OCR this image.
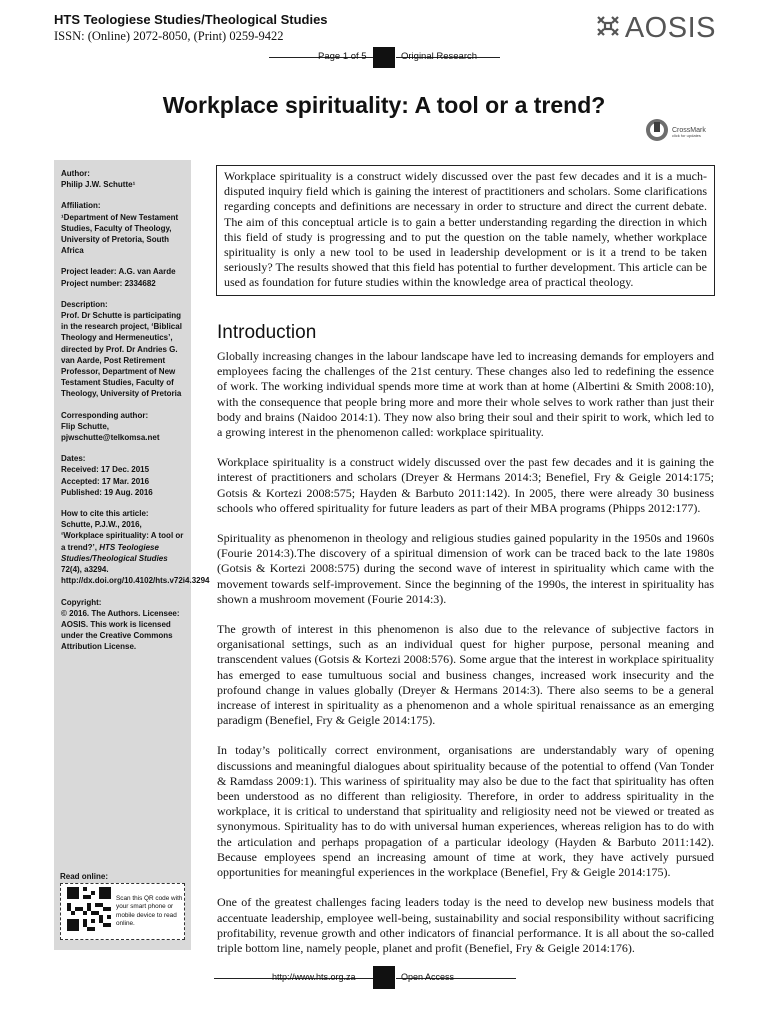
HTS Teologiese Studies/Theological Studies
ISSN: (Online) 2072-8050, (Print) 0259-9422	AOSIS
Page 1 of 5	Original Research
Workplace spirituality: A tool or a trend?
CrossMark
click for updates
Author:
Philip J.W. Schutte¹
Affiliation:
¹Department of New Testament Studies, Faculty of Theology, University of Pretoria, South Africa
Project leader: A.G. van Aarde
Project number: 2334682
Description:
Prof. Dr Schutte is participating in the research project, ‘Biblical Theology and Hermeneutics’, directed by Prof. Dr Andries G. van Aarde, Post Retirement Professor, Department of New Testament Studies, Faculty of Theology, University of Pretoria
Corresponding author:
Flip Schutte,
pjwschutte@telkomsa.net
Dates:
Received: 17 Dec. 2015
Accepted: 17 Mar. 2016
Published: 19 Aug. 2016
How to cite this article:
Schutte, P.J.W., 2016, ‘Workplace spirituality: A tool or a trend?’, HTS Teologiese Studies/Theological Studies 72(4), a3294. http://dx.doi.org/10.4102/hts.v72i4.3294
Copyright:
© 2016. The Authors. Licensee: AOSIS. This work is licensed under the Creative Commons Attribution License.
Read online:
Scan this QR code with your smart phone or mobile device to read online.
Workplace spirituality is a construct widely discussed over the past few decades and it is a much-disputed inquiry field which is gaining the interest of practitioners and scholars. Some clarifications regarding concepts and definitions are necessary in order to structure and direct the current debate. The aim of this conceptual article is to gain a better understanding regarding the direction in which this field of study is progressing and to put the question on the table namely, whether workplace spirituality is only a new tool to be used in leadership development or is it a trend to be taken seriously? The results showed that this field has potential to further development. This article can be used as foundation for future studies within the knowledge area of practical theology.
Introduction

Globally increasing changes in the labour landscape have led to increasing demands for employers and employees facing the challenges of the 21st century. These changes also led to redefining the essence of work. The working individual spends more time at work than at home (Albertini & Smith 2008:10), with the consequence that people bring more and more their whole selves to work rather than just their body and brains (Naidoo 2014:1). They now also bring their soul and their spirit to work, which led to a growing interest in the phenomenon called: workplace spirituality.

Workplace spirituality is a construct widely discussed over the past few decades and it is gaining the interest of practitioners and scholars (Dreyer & Hermans 2014:3; Benefiel, Fry & Geigle 2014:175; Gotsis & Kortezi 2008:575; Hayden & Barbuto 2011:142). In 2005, there were already 30 business schools who offered spirituality for future leaders as part of their MBA programs (Phipps 2012:177).

Spirituality as phenomenon in theology and religious studies gained popularity in the 1950s and 1960s (Fourie 2014:3).The discovery of a spiritual dimension of work can be traced back to the late 1980s (Gotsis & Kortezi 2008:575) during the second wave of interest in spirituality which came with the movement towards self-improvement. Since the beginning of the 1990s, the interest in spirituality has shown a mushroom movement (Fourie 2014:3).

The growth of interest in this phenomenon is also due to the relevance of subjective factors in organisational settings, such as an individual quest for higher purpose, personal meaning and transcendent values (Gotsis & Kortezi 2008:576). Some argue that the interest in workplace spirituality has emerged to ease tumultuous social and business changes, increased work insecurity and the profound change in values globally (Dreyer & Hermans 2014:3). There also seems to be a general increase of interest in spirituality as a phenomenon and a whole spiritual renaissance as an emerging paradigm (Benefiel, Fry & Geigle 2014:175).

In today’s politically correct environment, organisations are understandably wary of opening discussions and meaningful dialogues about spirituality because of the potential to offend (Van Tonder & Ramdass 2009:1). This wariness of spirituality may also be due to the fact that spirituality has often been understood as no different than religiosity. Therefore, in order to address spirituality in the workplace, it is critical to understand that spirituality and religiosity need not be viewed or treated as synonymous. Spirituality has to do with universal human experiences, whereas religion has to do with the articulation and perhaps propagation of a particular ideology (Hayden & Barbuto 2011:142). Because employees spend an increasing amount of time at work, they have actively pursued opportunities for meaningful experiences in the workplace (Benefiel, Fry & Geigle 2014:175).

One of the greatest challenges facing leaders today is the need to develop new business models that accentuate leadership, employee well-being, sustainability and social responsibility without sacrificing profitability, revenue growth and other indicators of financial performance. It is all about the so-called triple bottom line, namely people, planet and profit (Benefiel, Fry & Geigle 2014:176).

http://www.hts.org.za	Open Access
